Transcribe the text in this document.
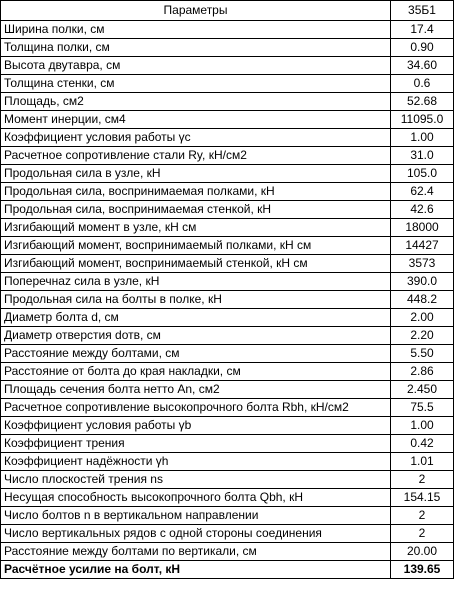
Параметры	35Б1
Ширина полки, см	17.4
Толщина полки, см	0.90
Высота двутавра, см	34.60
Толщина стенки, см	0.6
Площадь, см2	52.68
Момент инерции, см4	11095.0
Коэффициент условия работы γс	1.00
Расчетное сопротивление стали Ry, кН/см2	31.0
Продольная сила в узле, кН	105.0
Продольная сила, воспринимаемая полками, кН	62.4
Продольная сила, воспринимаемая стенкой, кН	42.6
Изгибающий момент в узле, кН см	18000
Изгибающий момент, воспринимаемый полками, кН см	14427
Изгибающий момент, воспринимаемый стенкой, кН см	3573
Поперечнаz сила в узле, кН	390.0
Продольная сила на болты в полке, кН	448.2
Диаметр болта d, см	2.00
Диаметр отверстия dотв, см	2.20
Расстояние между болтами, см	5.50
Расстояние от болта до края накладки, см	2.86
Площадь сечения болта нетто An, см2	2.450
Расчетное сопротивление высокопрочного болта Rbh, кН/см2	75.5
Коэффициент условия работы γb	1.00
Коэффициент трения	0.42
Коэффициент надёжности γh	1.01
Число плоскостей трения ns	2
Несущая способность высокопрочного болта Qbh, кН	154.15
Число болтов n в вертикальном направлении	2
Число вертикальных рядов с одной стороны соединения	2
Расстояние между болтами по вертикали, см	20.00
Расчётное усилие на болт, кН	139.65
